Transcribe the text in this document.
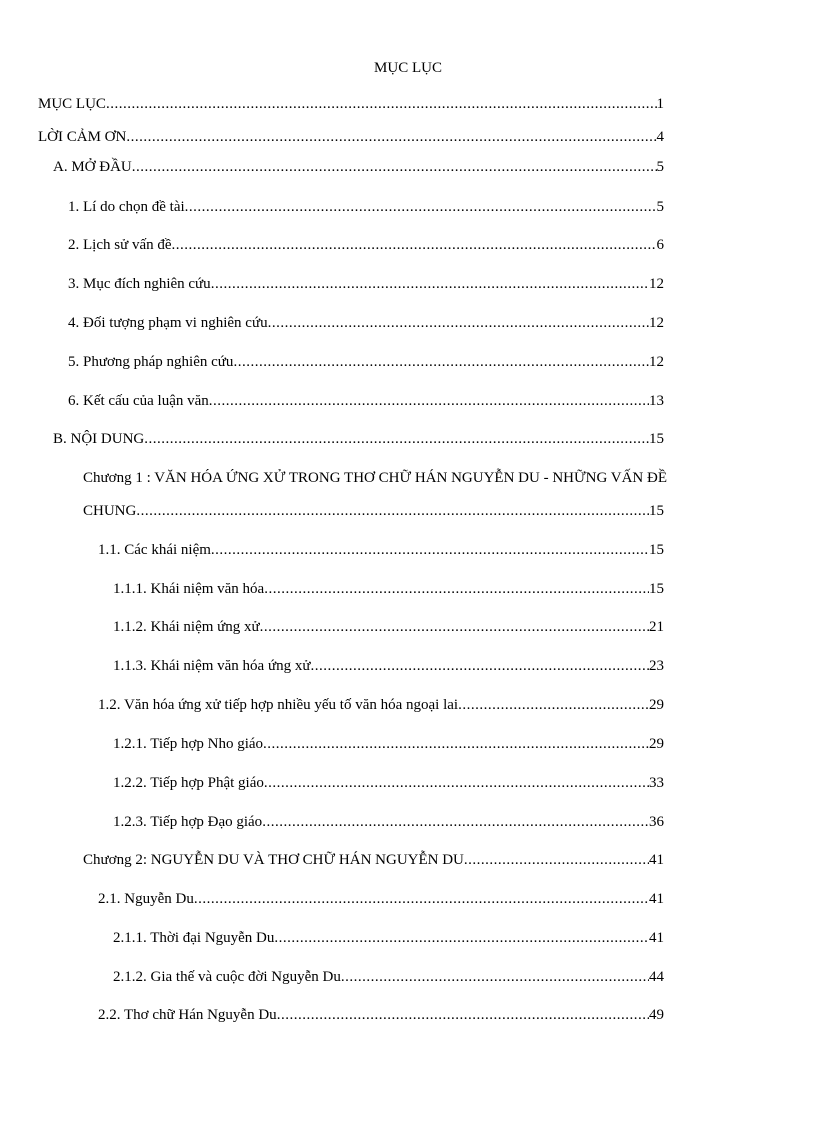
MỤC LỤC
MỤC LỤC .....	1
LỜI CẢM ƠN .....	4
A. MỞ ĐẦU .....	5
1. Lí do chọn đề tài .....	5
2. Lịch sử vấn đề .....	6
3. Mục đích nghiên cứu .....	12
4. Đối tượng phạm vi nghiên cứu .....	12
5. Phương pháp nghiên cứu .....	12
6. Kết cấu của luận văn .....	13
B. NỘI DUNG .....	15
Chương 1 : VĂN HÓA ỨNG XỬ TRONG THƠ CHỮ HÁN NGUYỄN DU - NHỮNG VẤN ĐỀ
CHUNG .....	15
1.1. Các khái niệm .....	15
1.1.1. Khái niệm văn hóa .....	15
1.1.2. Khái niệm ứng xử .....	21
1.1.3. Khái niệm văn hóa ứng xử .....	23
1.2. Văn hóa ứng xử tiếp hợp nhiều yếu tố văn hóa ngoại lai .....	29
1.2.1. Tiếp hợp Nho giáo .....	29
1.2.2. Tiếp hợp Phật giáo .....	33
1.2.3. Tiếp hợp Đạo giáo .....	36
Chương 2: NGUYỄN DU VÀ THƠ CHỮ HÁN NGUYỄN DU .....	41
2.1. Nguyễn Du .....	41
2.1.1. Thời đại Nguyễn Du .....	41
2.1.2. Gia thế và cuộc đời Nguyễn Du .....	44
2.2. Thơ chữ Hán Nguyễn Du .....	49
